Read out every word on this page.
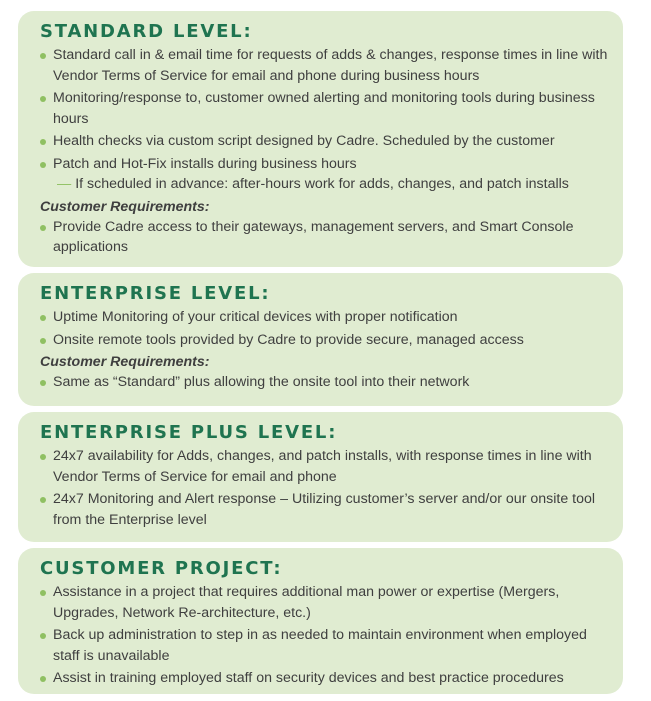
STANDARD LEVEL:
Standard call in & email time for requests of adds & changes, response times in line with Vendor Terms of Service for email and phone during business hours
Monitoring/response to, customer owned alerting and monitoring tools during business hours
Health checks via custom script designed by Cadre. Scheduled by the customer
Patch and Hot-Fix installs during business hours
— If scheduled in advance: after-hours work for adds, changes, and patch installs
Customer Requirements:
Provide Cadre access to their gateways, management servers, and Smart Console applications
ENTERPRISE LEVEL:
Uptime Monitoring of your critical devices with proper notification
Onsite remote tools provided by Cadre to provide secure, managed access
Customer Requirements:
Same as “Standard” plus allowing the onsite tool into their network
ENTERPRISE PLUS LEVEL:
24x7 availability for Adds, changes, and patch installs, with response times in line with Vendor Terms of Service for email and phone
24x7 Monitoring and Alert response – Utilizing customer’s server and/or our onsite tool from the Enterprise level
CUSTOMER PROJECT:
Assistance in a project that requires additional man power or expertise (Mergers, Upgrades, Network Re-architecture, etc.)
Back up administration to step in as needed to maintain environment when employed staff is unavailable
Assist in training employed staff on security devices and best practice procedures
